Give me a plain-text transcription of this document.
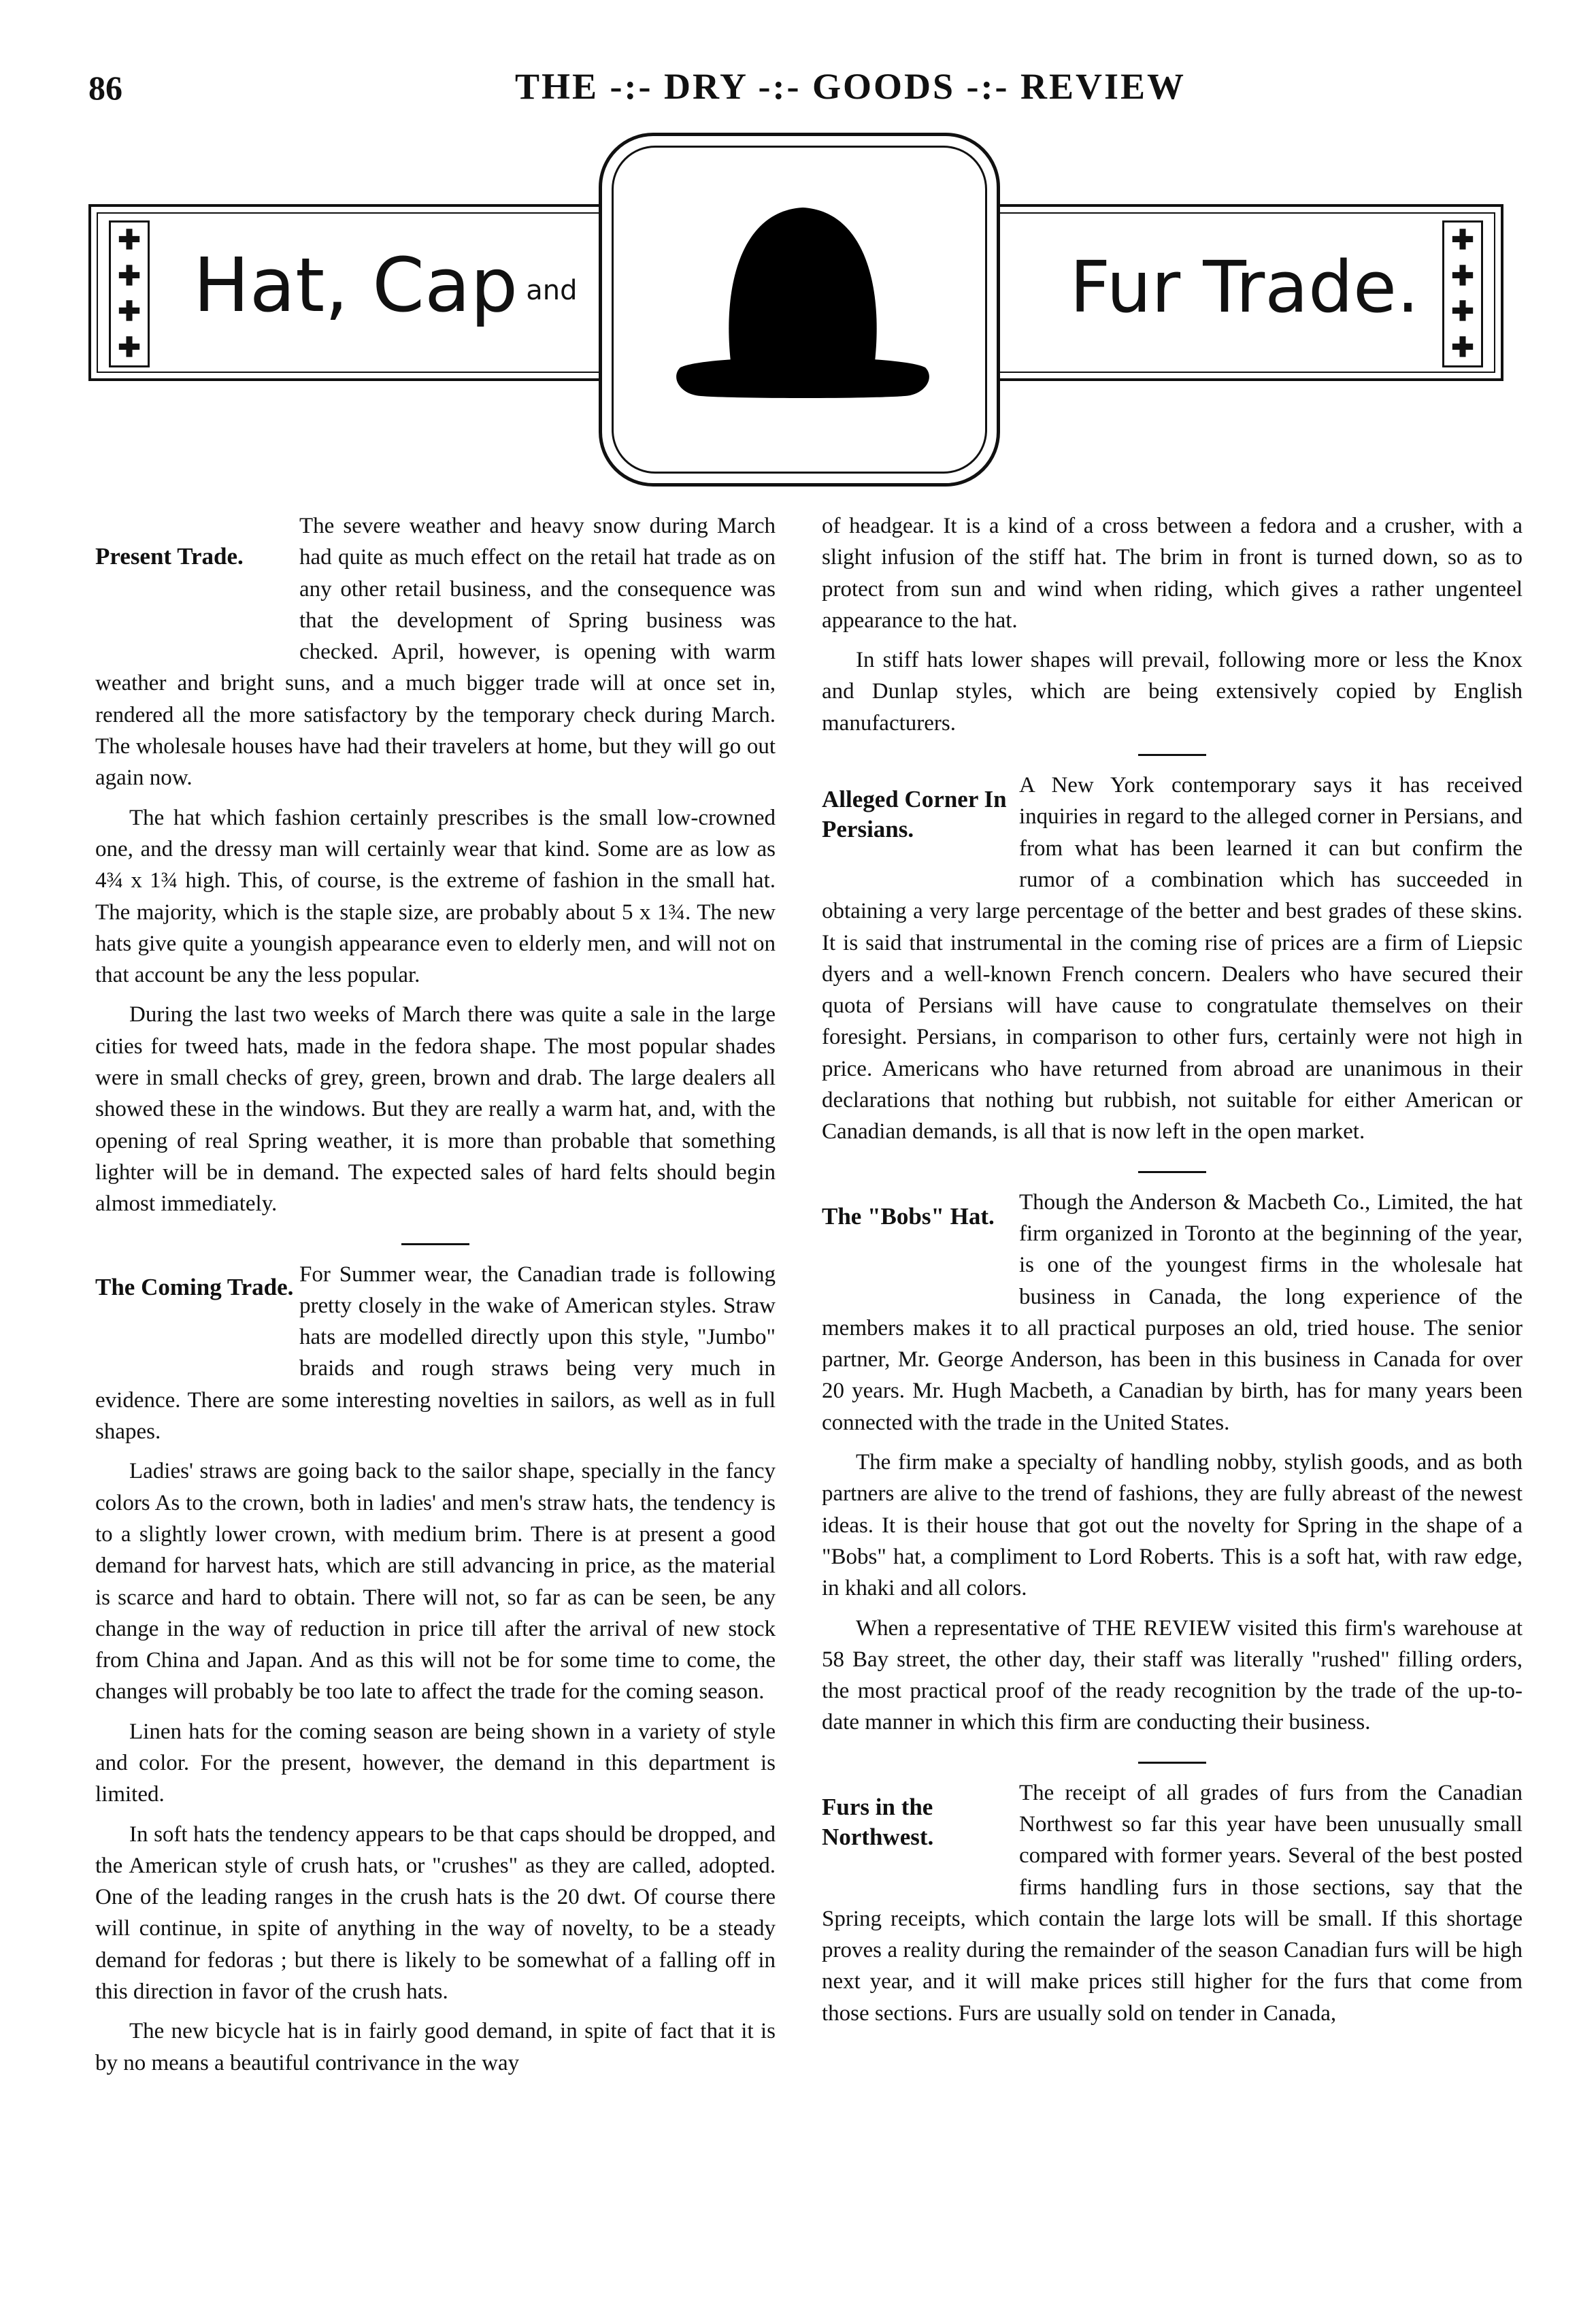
86	THE -:- DRY -:- GOODS -:- REVIEW
✚
✚
✚
✚
Hat, Cap and	Fur Trade.
✚
✚
✚
✚
Present Trade.

The severe weather and heavy snow during March had quite as much effect on the retail hat trade as on any other retail business, and the consequence was that the development of Spring business was checked. April, however, is opening with warm weather and bright suns, and a much bigger trade will at once set in, rendered all the more satisfactory by the temporary check during March. The wholesale houses have had their travelers at home, but they will go out again now.

The hat which fashion certainly prescribes is the small low-crowned one, and the dressy man will certainly wear that kind. Some are as low as 4¾ x 1¾ high. This, of course, is the extreme of fashion in the small hat. The majority, which is the staple size, are probably about 5 x 1¾. The new hats give quite a youngish appearance even to elderly men, and will not on that account be any the less popular.

During the last two weeks of March there was quite a sale in the large cities for tweed hats, made in the fedora shape. The most popular shades were in small checks of grey, green, brown and drab. The large dealers all showed these in the windows. But they are really a warm hat, and, with the opening of real Spring weather, it is more than probable that something lighter will be in demand. The expected sales of hard felts should begin almost immediately.

The Coming Trade. For Summer wear, the Canadian trade is following pretty closely in the wake of American styles. Straw hats are modelled directly upon this style, "Jumbo" braids and rough straws being very much in evidence. There are some interesting novelties in sailors, as well as in full shapes.

Ladies' straws are going back to the sailor shape, specially in the fancy colors As to the crown, both in ladies' and men's straw hats, the tendency is to a slightly lower crown, with medium brim. There is at present a good demand for harvest hats, which are still advancing in price, as the material is scarce and hard to obtain. There will not, so far as can be seen, be any change in the way of reduction in price till after the arrival of new stock from China and Japan. And as this will not be for some time to come, the changes will probably be too late to affect the trade for the coming season.

Linen hats for the coming season are being shown in a variety of style and color. For the present, however, the demand in this department is limited.

In soft hats the tendency appears to be that caps should be dropped, and the American style of crush hats, or "crushes" as they are called, adopted. One of the leading ranges in the crush hats is the 20 dwt. Of course there will continue, in spite of anything in the way of novelty, to be a steady demand for fedoras ; but there is likely to be somewhat of a falling off in this direction in favor of the crush hats.

The new bicycle hat is in fairly good demand, in spite of fact that it is by no means a beautiful contrivance in the way

of headgear. It is a kind of a cross between a fedora and a crusher, with a slight infusion of the stiff hat. The brim in front is turned down, so as to protect from sun and wind when riding, which gives a rather ungenteel appearance to the hat.

In stiff hats lower shapes will prevail, following more or less the Knox and Dunlap styles, which are being extensively copied by English manufacturers.

Alleged Corner In Persians.

A New York contemporary says it has received inquiries in regard to the alleged corner in Persians, and from what has been learned it can but confirm the rumor of a combination which has succeeded in obtaining a very large percentage of the better and best grades of these skins. It is said that instrumental in the coming rise of prices are a firm of Liepsic dyers and a well-known French concern. Dealers who have secured their quota of Persians will have cause to congratulate themselves on their foresight. Persians, in comparison to other furs, certainly were not high in price. Americans who have returned from abroad are unanimous in their declarations that nothing but rubbish, not suitable for either American or Canadian demands, is all that is now left in the open market.

The "Bobs" Hat.

Though the Anderson & Macbeth Co., Limited, the hat firm organized in Toronto at the beginning of the year, is one of the youngest firms in the wholesale hat business in Canada, the long experience of the members makes it to all practical purposes an old, tried house. The senior partner, Mr. George Anderson, has been in this business in Canada for over 20 years. Mr. Hugh Macbeth, a Canadian by birth, has for many years been connected with the trade in the United States.

The firm make a specialty of handling nobby, stylish goods, and as both partners are alive to the trend of fashions, they are fully abreast of the newest ideas. It is their house that got out the novelty for Spring in the shape of a "Bobs" hat, a compliment to Lord Roberts. This is a soft hat, with raw edge, in khaki and all colors.

When a representative of THE REVIEW visited this firm's warehouse at 58 Bay street, the other day, their staff was literally "rushed" filling orders, the most practical proof of the ready recognition by the trade of the up-to-date manner in which this firm are conducting their business.

Furs in the Northwest.

The receipt of all grades of furs from the Canadian Northwest so far this year have been unusually small compared with former years. Several of the best posted firms handling furs in those sections, say that the Spring receipts, which contain the large lots will be small. If this shortage proves a reality during the remainder of the season Canadian furs will be high next year, and it will make prices still higher for the furs that come from those sections. Furs are usually sold on tender in Canada,
